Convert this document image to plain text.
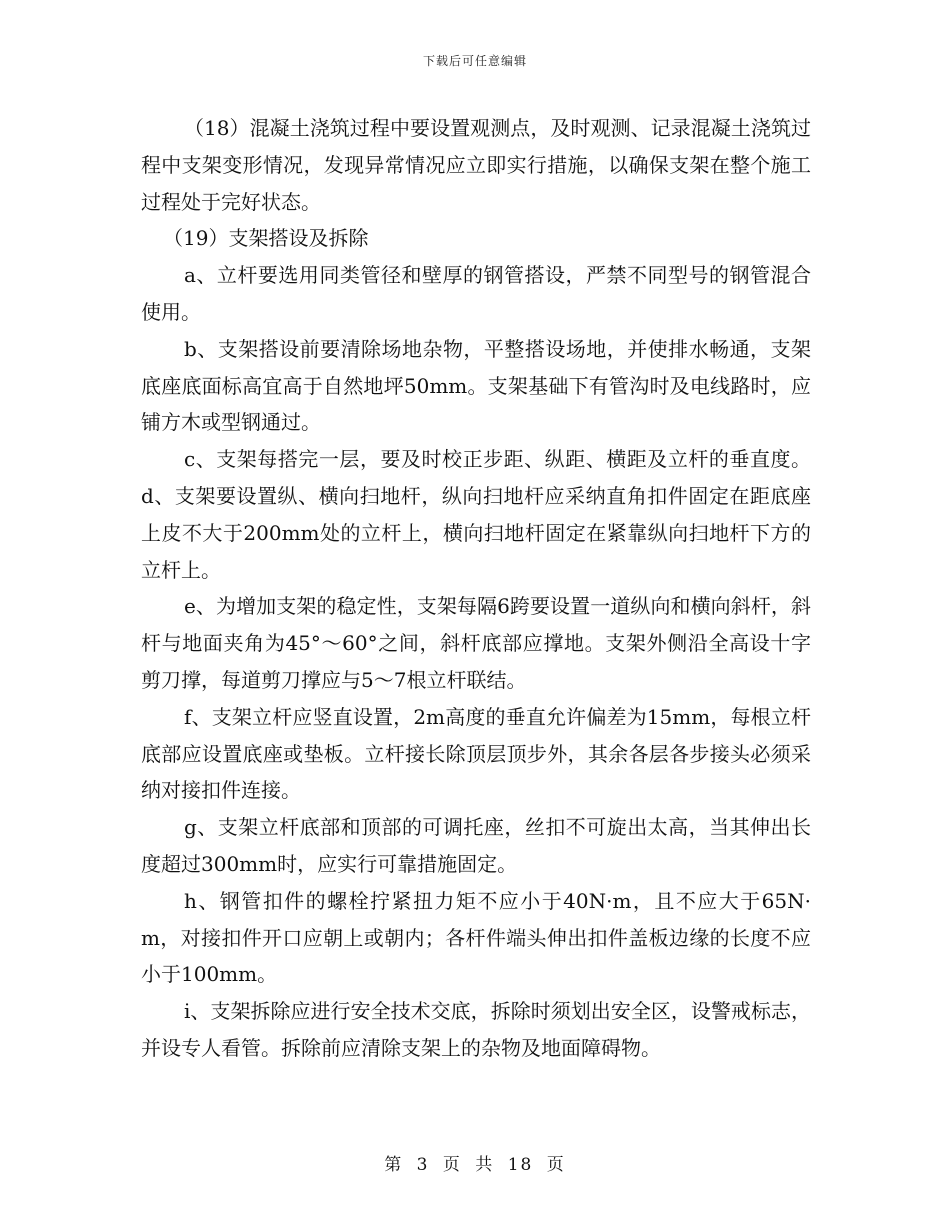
下载后可任意编辑

（18）混凝土浇筑过程中要设置观测点，及时观测、记录混凝土浇筑过程中支架变形情况，发现异常情况应立即实行措施，以确保支架在整个施工过程处于完好状态。

（19）支架搭设及拆除

a、立杆要选用同类管径和壁厚的钢管搭设，严禁不同型号的钢管混合使用。

b、支架搭设前要清除场地杂物，平整搭设场地，并使排水畅通，支架底座底面标高宜高于自然地坪50mm。支架基础下有管沟时及电线路时，应铺方木或型钢通过。

c、支架每搭完一层，要及时校正步距、纵距、横距及立杆的垂直度。d、支架要设置纵、横向扫地杆，纵向扫地杆应采纳直角扣件固定在距底座上皮不大于200mm处的立杆上，横向扫地杆固定在紧靠纵向扫地杆下方的立杆上。

e、为增加支架的稳定性，支架每隔6跨要设置一道纵向和横向斜杆，斜杆与地面夹角为45°～60°之间，斜杆底部应撑地。支架外侧沿全高设十字剪刀撑，每道剪刀撑应与5～7根立杆联结。

f、支架立杆应竖直设置，2m高度的垂直允许偏差为15mm，每根立杆底部应设置底座或垫板。立杆接长除顶层顶步外，其余各层各步接头必须采纳对接扣件连接。

g、支架立杆底部和顶部的可调托座，丝扣不可旋出太高，当其伸出长度超过300mm时，应实行可靠措施固定。

h、钢管扣件的螺栓拧紧扭力矩不应小于40N·m，且不应大于65N·m，对接扣件开口应朝上或朝内；各杆件端头伸出扣件盖板边缘的长度不应小于100mm。

i、支架拆除应进行安全技术交底，拆除时须划出安全区，设警戒标志，并设专人看管。拆除前应清除支架上的杂物及地面障碍物。

第 3 页 共 18 页
